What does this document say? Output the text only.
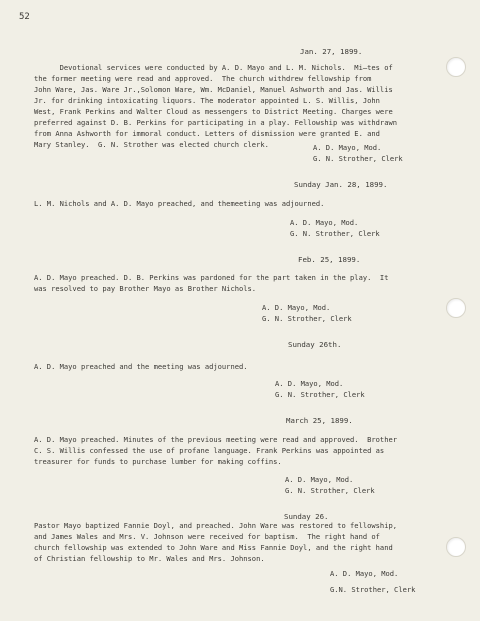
52
Jan. 27, 1899.
Devotional services were conducted by A. D. Mayo and L. M. Nichols.  Mi̶tes of
the former meeting were read and approved.  The church withdrew fellowship from
John Ware, Jas. Ware Jr.,Solomon Ware, Wm. McDaniel, Manuel Ashworth and Jas. Willis
Jr. for drinking intoxicating liquors. The moderator appointed L. S. Willis, John
West, Frank Perkins and Walter Cloud as messengers to District Meeting. Charges were
preferred against D. B. Perkins for participating in a play. Fellowship was withdrawn
from Anna Ashworth for immoral conduct. Letters of dismission were granted E. and
Mary Stanley.  G. N. Strother was elected church clerk.	A. D. Mayo, Mod.
G. N. Strother, Clerk
Sunday Jan. 28, 1899.
L. M. Nichols and A. D. Mayo preached, and themeeting was adjourned.
A. D. Mayo, Mod.
G. N. Strother, Clerk
Feb. 25, 1899.
A. D. Mayo preached. D. B. Perkins was pardoned for the part taken in the play.  It
was resolved to pay Brother Mayo as Brother Nichols.
A. D. Mayo, Mod.
G. N. Strother, Clerk
Sunday 26th.
A. D. Mayo preached and the meeting was adjourned.
A. D. Mayo, Mod.
G. N. Strother, Clerk
March 25, 1899.
A. D. Mayo preached. Minutes of the previous meeting were read and approved.  Brother
C. S. Willis confessed the use of profane language. Frank Perkins was appointed as
treasurer for funds to purchase lumber for making coffins.
A. D. Mayo, Mod.
G. N. Strother, Clerk
Sunday 26.
Pastor Mayo baptized Fannie Doyl, and preached. John Ware was restored to fellowship,
and James Wales and Mrs. V. Johnson were received for baptism.  The right hand of
church fellowship was extended to John Ware and Miss Fannie Doyl, and the right hand
of Christian fellowship to Mr. Wales and Mrs. Johnson.
A. D. Mayo, Mod.
G.N. Strother, Clerk
